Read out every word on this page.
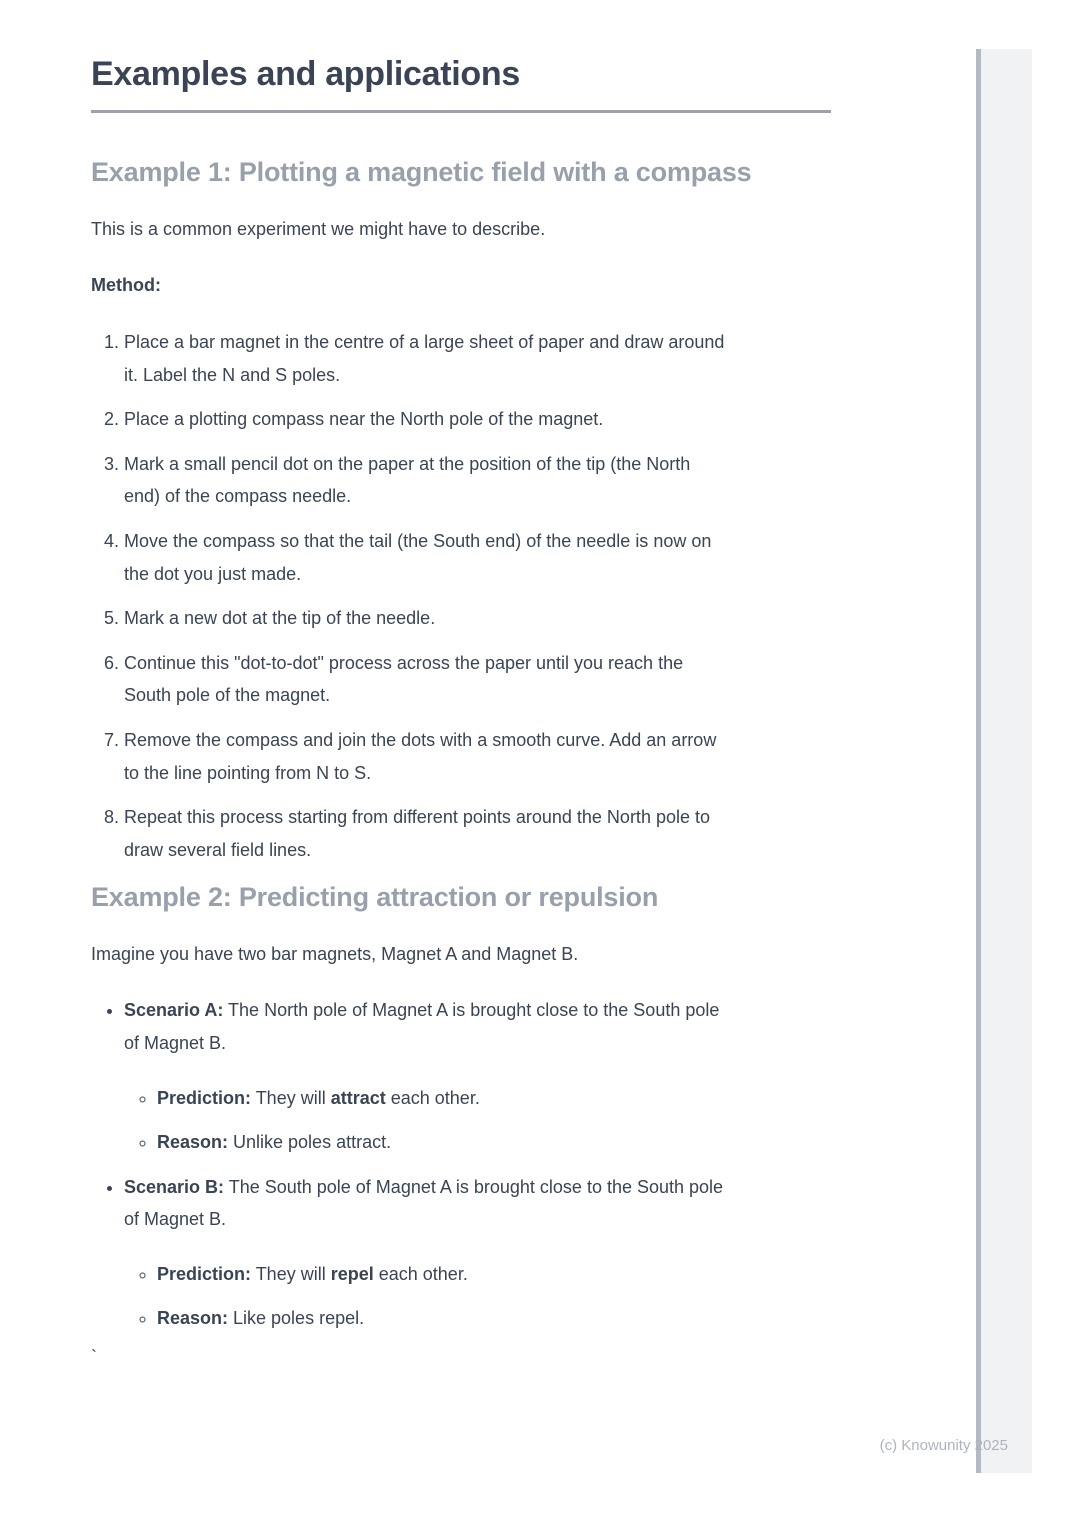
Examples and applications
Example 1: Plotting a magnetic field with a compass

This is a common experiment we might have to describe.

Method:

1. Place a bar magnet in the centre of a large sheet of paper and draw around
it. Label the N and S poles.
2. Place a plotting compass near the North pole of the magnet.
3. Mark a small pencil dot on the paper at the position of the tip (the North
end) of the compass needle.
4. Move the compass so that the tail (the South end) of the needle is now on
the dot you just made.
5. Mark a new dot at the tip of the needle.
6. Continue this "dot-to-dot" process across the paper until you reach the
South pole of the magnet.
7. Remove the compass and join the dots with a smooth curve. Add an arrow
to the line pointing from N to S.
8. Repeat this process starting from different points around the North pole to
draw several field lines.
Example 2: Predicting attraction or repulsion

Imagine you have two bar magnets, Magnet A and Magnet B.

• Scenario A: The North pole of Magnet A is brought close to the South pole
of Magnet B.
◦ Prediction: They will attract each other.
◦ Reason: Unlike poles attract.
• Scenario B: The South pole of Magnet A is brought close to the South pole
of Magnet B.
◦ Prediction: They will repel each other.
◦ Reason: Like poles repel.

`

(c) Knowunity 2025
